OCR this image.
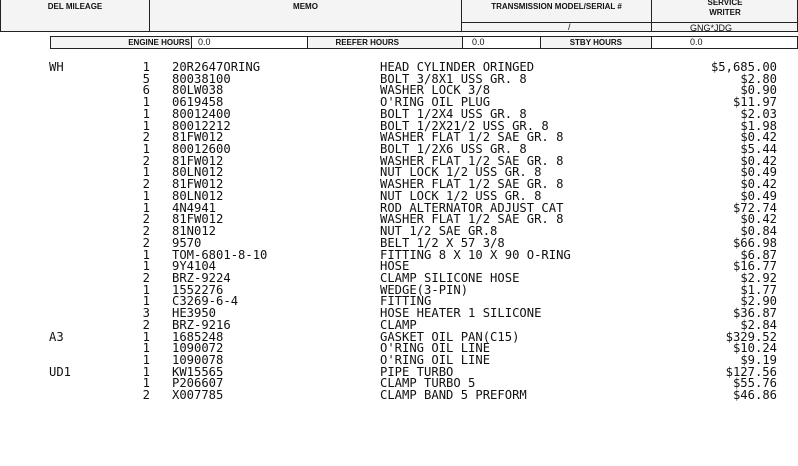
DEL MILEAGE	MEMO	TRANSMISSION MODEL/SERIAL #
/
SERVICE WRITER
GNG*JDG
ENGINE HOURS 0.0	REEFER HOURS	0.0	STBY HOURS	0.0
WH	1 20R2647ORING	HEAD CYLINDER ORINGED	$5,685.00
5 80038100	BOLT 3/8X1 USS GR. 8	$2.80
6 80LW038	WASHER LOCK 3/8	$0.90
1 0619458	O'RING OIL PLUG	$11.97
1 80012400	BOLT 1/2X4 USS GR. 8	$2.03
1 80012212	BOLT 1/2X21/2 USS GR. 8	$1.98
2 81FW012	WASHER FLAT 1/2 SAE GR. 8	$0.42
1 80012600	BOLT 1/2X6 USS GR. 8	$5.44
2 81FW012	WASHER FLAT 1/2 SAE GR. 8	$0.42
1 80LN012	NUT LOCK 1/2 USS GR. 8	$0.49
2 81FW012	WASHER FLAT 1/2 SAE GR. 8	$0.42
1 80LN012	NUT LOCK 1/2 USS GR. 8	$0.49
1 4N4941	ROD ALTERNATOR ADJUST CAT	$72.74
2 81FW012	WASHER FLAT 1/2 SAE GR. 8	$0.42
2 81N012	NUT 1/2 SAE GR.8	$0.84
2 9570	BELT 1/2 X 57 3/8	$66.98
1 TOM-6801-8-10	FITTING 8 X 10 X 90 O-RING	$6.87
1 9Y4104	HOSE	$16.77
2 BRZ-9224	CLAMP SILICONE HOSE	$2.92
1 1552276	WEDGE(3-PIN)	$1.77
1 C3269-6-4	FITTING	$2.90
3 HE3950	HOSE HEATER 1 SILICONE	$36.87
2 BRZ-9216	CLAMP	$2.84
A3	1 1685248	GASKET OIL PAN(C15)	$329.52
1 1090072	O'RING OIL LINE	$10.24
1 1090078	O'RING OIL LINE	$9.19
UD1	1 KW15565	PIPE TURBO	$127.56
1 P206607	CLAMP TURBO 5	$55.76
2 X007785	CLAMP BAND 5 PREFORM	$46.86
